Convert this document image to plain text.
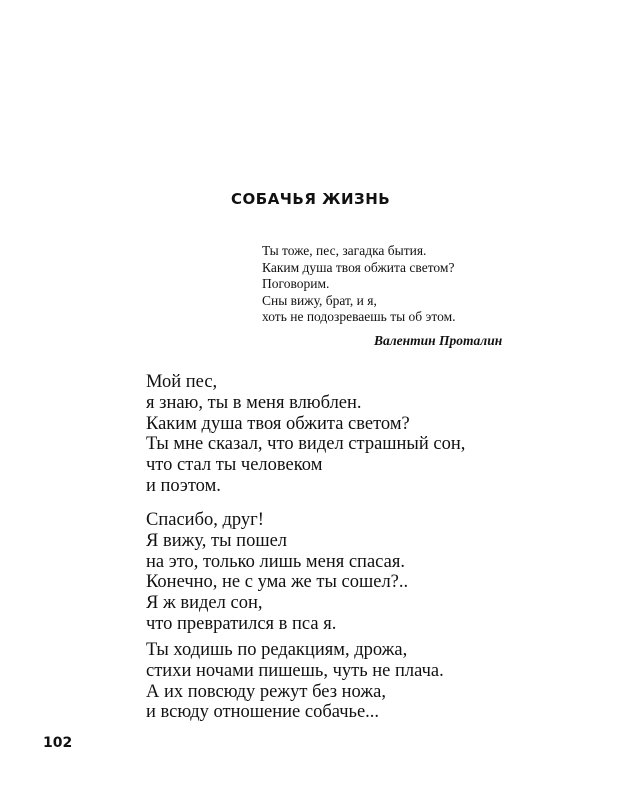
СОБАЧЬЯ ЖИЗНЬ
Ты тоже, пес, загадка бытия.
Каким душа твоя обжита светом?
Поговорим.
Сны вижу, брат, и я,
хоть не подозреваешь ты об этом.
Валентин Проталин
Мой пес,
я знаю, ты в меня влюблен.
Каким душа твоя обжита светом?
Ты мне сказал, что видел страшный сон,
что стал ты человеком
и поэтом.
Спасибо, друг!
Я вижу, ты пошел
на это, только лишь меня спасая.
Конечно, не с ума же ты сошел?..
Я ж видел сон,
что превратился в пса я.
Ты ходишь по редакциям, дрожа,
стихи ночами пишешь, чуть не плача.
А их повсюду режут без ножа,
и всюду отношение собачье...
102
